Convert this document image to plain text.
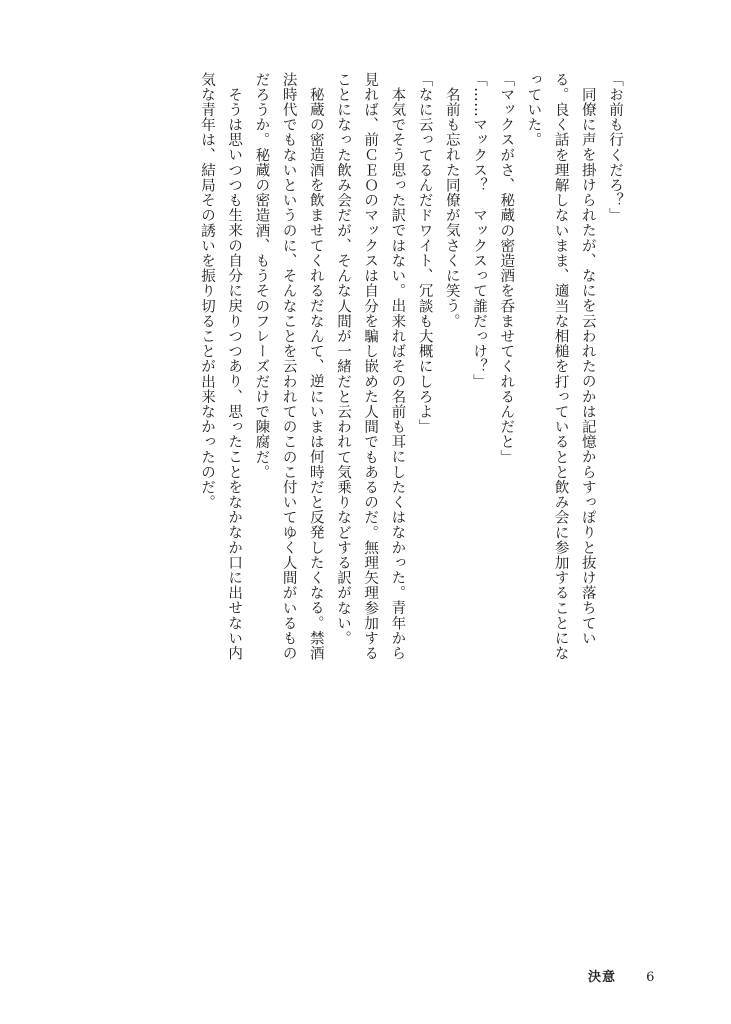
「お前も行くだろ？」

同僚に声を掛けられたが、なにを云われたのかは記憶からすっぽりと抜け落ちている。良く話を理解しないまま、適当な相槌を打っているとと飲み会に参加することになっていた。

「マックスがさ、秘蔵の密造酒を呑ませてくれるんだと」

「……マックス？　マックスって誰だっけ？」

名前も忘れた同僚が気さくに笑う。

「なに云ってるんだドワイト、冗談も大概にしろよ」

本気でそう思った訳ではない。出来ればその名前も耳にしたくはなかった。青年から見れば、前ＣＥＯのマックスは自分を騙し嵌めた人間でもあるのだ。無理矢理参加することになった飲み会だが、そんな人間が一緒だと云われて気乗りなどする訳がない。

秘蔵の密造酒を飲ませてくれるだなんて、逆にいまは何時だと反発したくなる。禁酒法時代でもないというのに、そんなことを云われてのこのこ付いてゆく人間がいるものだろうか。秘蔵の密造酒、もうそのフレーズだけで陳腐だ。

そうは思いつつも生来の自分に戻りつつあり、思ったことをなかなか口に出せない内気な青年は、結局その誘いを振り切ることが出来なかったのだ。

決意 6
